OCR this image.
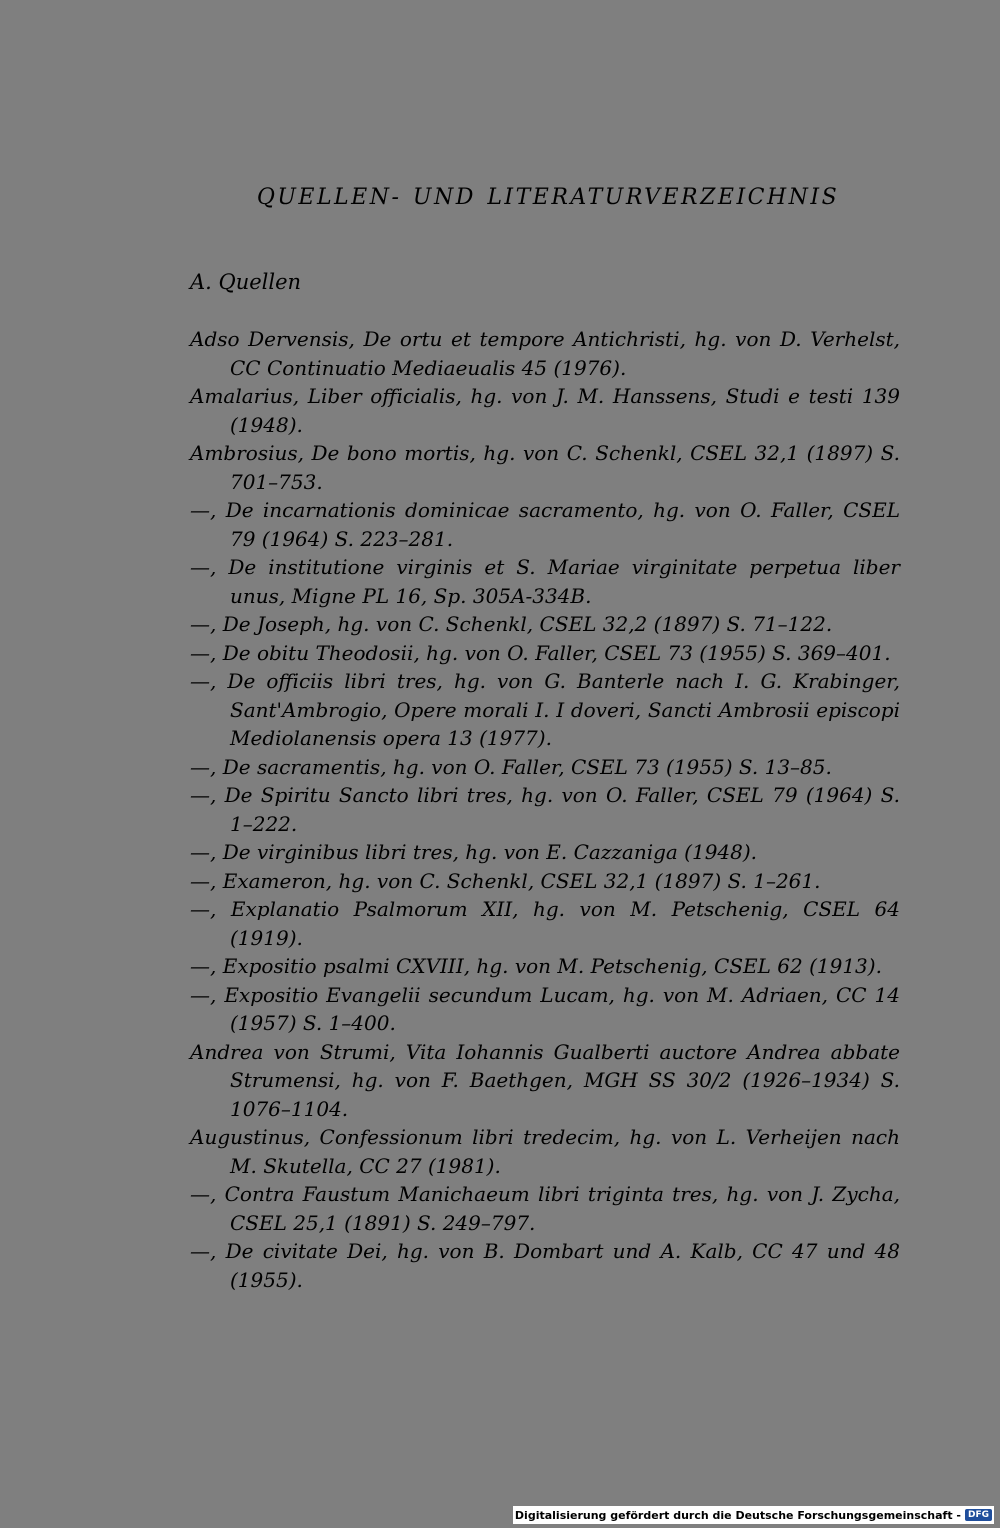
QUELLEN- UND LITERATURVERZEICHNIS
A. Quellen
Adso Dervensis, De ortu et tempore Antichristi, hg. von D. Verhelst, CC Continuatio Mediaeualis 45 (1976).
Amalarius, Liber officialis, hg. von J. M. Hanssens, Studi e testi 139 (1948).
Ambrosius, De bono mortis, hg. von C. Schenkl, CSEL 32,1 (1897) S. 701–753.
—, De incarnationis dominicae sacramento, hg. von O. Faller, CSEL 79 (1964) S. 223–281.
—, De institutione virginis et S. Mariae virginitate perpetua liber unus, Migne PL 16, Sp. 305A-334B.
—, De Joseph, hg. von C. Schenkl, CSEL 32,2 (1897) S. 71–122.
—, De obitu Theodosii, hg. von O. Faller, CSEL 73 (1955) S. 369–401.
—, De officiis libri tres, hg. von G. Banterle nach I. G. Krabinger, Sant'Ambrogio, Opere morali I. I doveri, Sancti Ambrosii episcopi Mediolanensis opera 13 (1977).
—, De sacramentis, hg. von O. Faller, CSEL 73 (1955) S. 13–85.
—, De Spiritu Sancto libri tres, hg. von O. Faller, CSEL 79 (1964) S. 1–222.
—, De virginibus libri tres, hg. von E. Cazzaniga (1948).
—, Exameron, hg. von C. Schenkl, CSEL 32,1 (1897) S. 1–261.
—, Explanatio Psalmorum XII, hg. von M. Petschenig, CSEL 64 (1919).
—, Expositio psalmi CXVIII, hg. von M. Petschenig, CSEL 62 (1913).
—, Expositio Evangelii secundum Lucam, hg. von M. Adriaen, CC 14 (1957) S. 1–400.
Andrea von Strumi, Vita Iohannis Gualberti auctore Andrea abbate Strumensi, hg. von F. Baethgen, MGH SS 30/2 (1926–1934) S. 1076–1104.
Augustinus, Confessionum libri tredecim, hg. von L. Verheijen nach M. Skutella, CC 27 (1981).
—, Contra Faustum Manichaeum libri triginta tres, hg. von J. Zycha, CSEL 25,1 (1891) S. 249–797.
—, De civitate Dei, hg. von B. Dombart und A. Kalb, CC 47 und 48 (1955).
Digitalisierung gefördert durch die Deutsche Forschungsgemeinschaft - DFG
